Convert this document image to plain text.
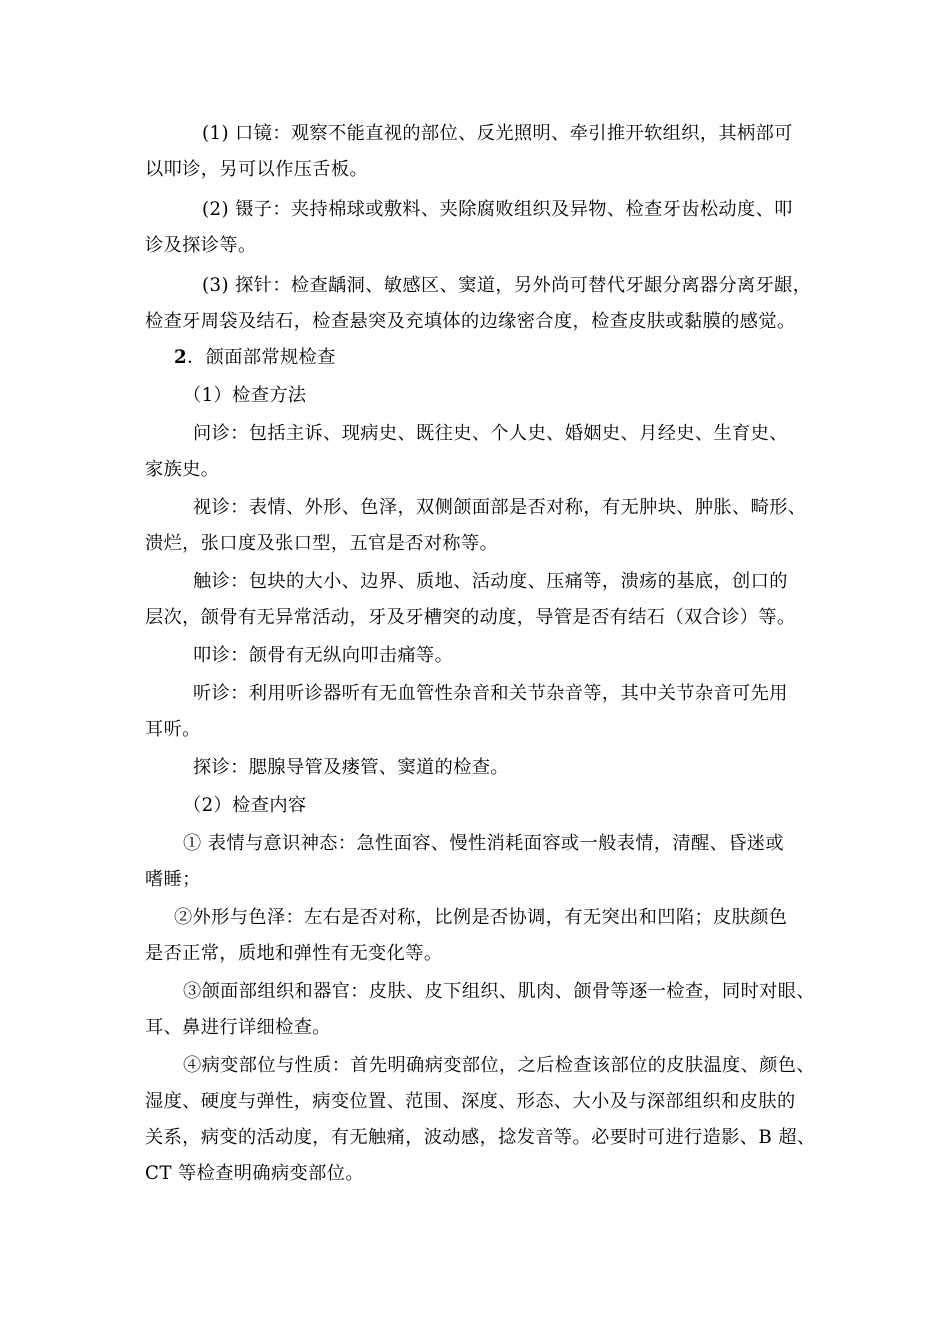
(1) 口镜：观察不能直视的部位、反光照明、牵引推开软组织，其柄部可
以叩诊，另可以作压舌板。
(2) 镊子：夹持棉球或敷料、夹除腐败组织及异物、检查牙齿松动度、叩
诊及探诊等。
(3) 探针：检查龋洞、敏感区、窦道，另外尚可替代牙龈分离器分离牙龈，
检查牙周袋及结石，检查悬突及充填体的边缘密合度，检查皮肤或黏膜的感觉。
2．颌面部常规检查
（1）检查方法
问诊：包括主诉、现病史、既往史、个人史、婚姻史、月经史、生育史、
家族史。
视诊：表情、外形、色泽，双侧颌面部是否对称，有无肿块、肿胀、畸形、
溃烂，张口度及张口型，五官是否对称等。
触诊：包块的大小、边界、质地、活动度、压痛等，溃疡的基底，创口的
层次，颌骨有无异常活动，牙及牙槽突的动度，导管是否有结石（双合诊）等。
叩诊：颌骨有无纵向叩击痛等。
听诊：利用听诊器听有无血管性杂音和关节杂音等，其中关节杂音可先用
耳听。
探诊：腮腺导管及瘘管、窦道的检查。
（2）检查内容
① 表情与意识神态：急性面容、慢性消耗面容或一般表情，清醒、昏迷或
嗜睡；
②外形与色泽：左右是否对称，比例是否协调，有无突出和凹陷；皮肤颜色
是否正常，质地和弹性有无变化等。
③颌面部组织和器官：皮肤、皮下组织、肌肉、颌骨等逐一检查，同时对眼、
耳、鼻进行详细检查。
④病变部位与性质：首先明确病变部位，之后检查该部位的皮肤温度、颜色、
湿度、硬度与弹性，病变位置、范围、深度、形态、大小及与深部组织和皮肤的
关系，病变的活动度，有无触痛，波动感，捻发音等。必要时可进行造影、B 超、
CT 等检查明确病变部位。
